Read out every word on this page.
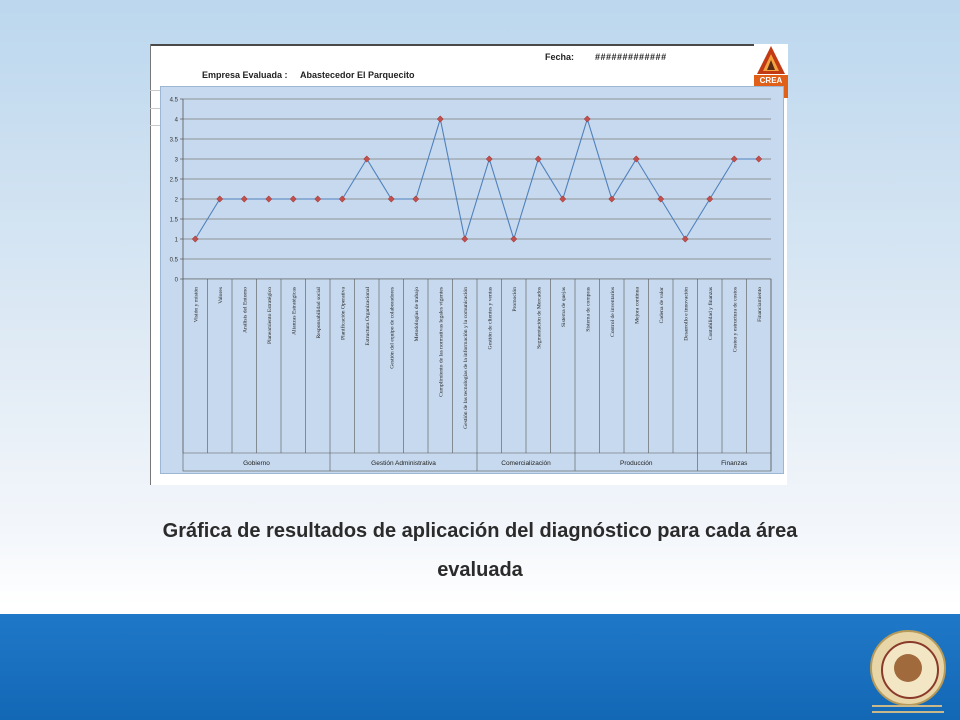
Fecha: #############
Empresa Evaluada : Abastecedor El Parquecito
CREA
0
0.5
1
1.5
2
2.5
3
3.5
4
4.5
Visión y misión	Valores	Análisis del Entorno	Planeamiento Estratégico	Alianzas Estratégicas	Responsabilidad social	Planificación Operativa	Estructura Organizacional	Gestión del equipo de colaboradores	Metodologías de trabajo	Cumplimiento de las normativas legales vigentes	Gestión de las tecnologías de la información y la comunicación	Gestión de clientes y ventas	Promoción	Segmentación de Mercados	Sistema de quejas	Sistema de compras	Control de inventarios	Mejora continua	Cadena de valor	Desarrollo e innovación	Contabilidad y finanzas	Costeo y estructura de costos	Financiamiento
Gobierno	Gestión Administrativa	Comercialización	Producción	Finanzas
Gráfica de resultados de aplicación del diagnóstico para cada área evaluada
